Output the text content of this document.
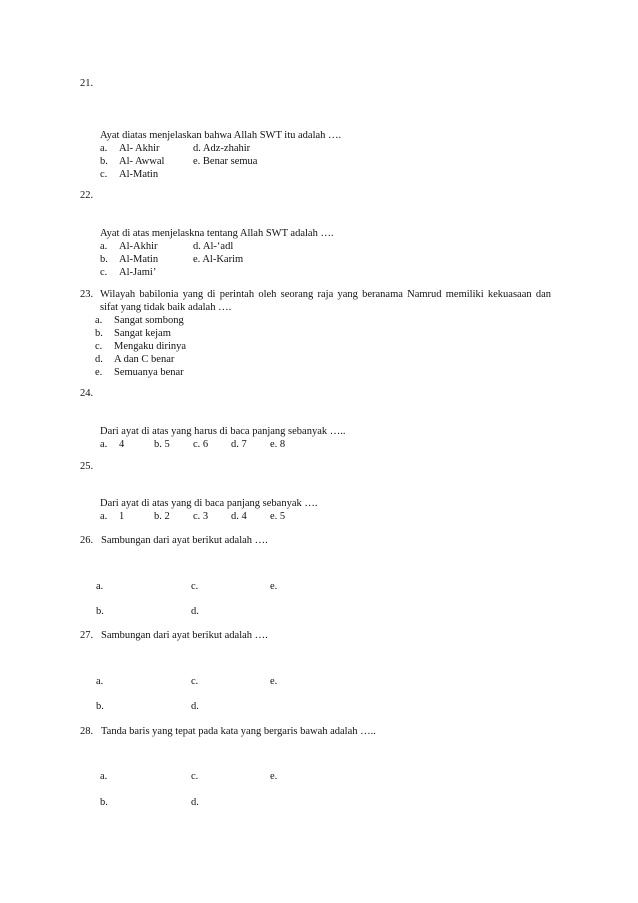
21.
Ayat diatas menjelaskan bahwa Allah SWT itu adalah ….
a. Al- Akhir	d. Adz-zhahir
b. Al- Awwal	e. Benar semua
c. Al-Matin
22.
Ayat di atas menjelaskna tentang Allah SWT adalah ….
a. Al-Akhir	d. Al-‘adl
b. Al-Matin	e. Al-Karim
c. Al-Jami’
23. Wilayah babilonia yang di perintah oleh seorang raja yang beranama Namrud memiliki kekuasaan dan
sifat yang tidak baik adalah ….
a. Sangat sombong
b. Sangat kejam
c. Mengaku dirinya
d. A dan C benar
e. Semuanya benar
24.
Dari ayat di atas yang harus di baca panjang sebanyak …..
a. 4	b. 5 c. 6 d. 7 e. 8
25.
Dari ayat di atas yang di baca panjang sebanyak ….
a. 1	b. 2 c. 3 d. 4 e. 5
26. Sambungan dari ayat berikut adalah ….
a.	c.	e.
b.	d.
27. Sambungan dari ayat berikut adalah ….
a.	c.	e.
b.	d.
28. Tanda baris yang tepat pada kata yang bergaris bawah adalah …..
a.	c.	e.
b.	d.
